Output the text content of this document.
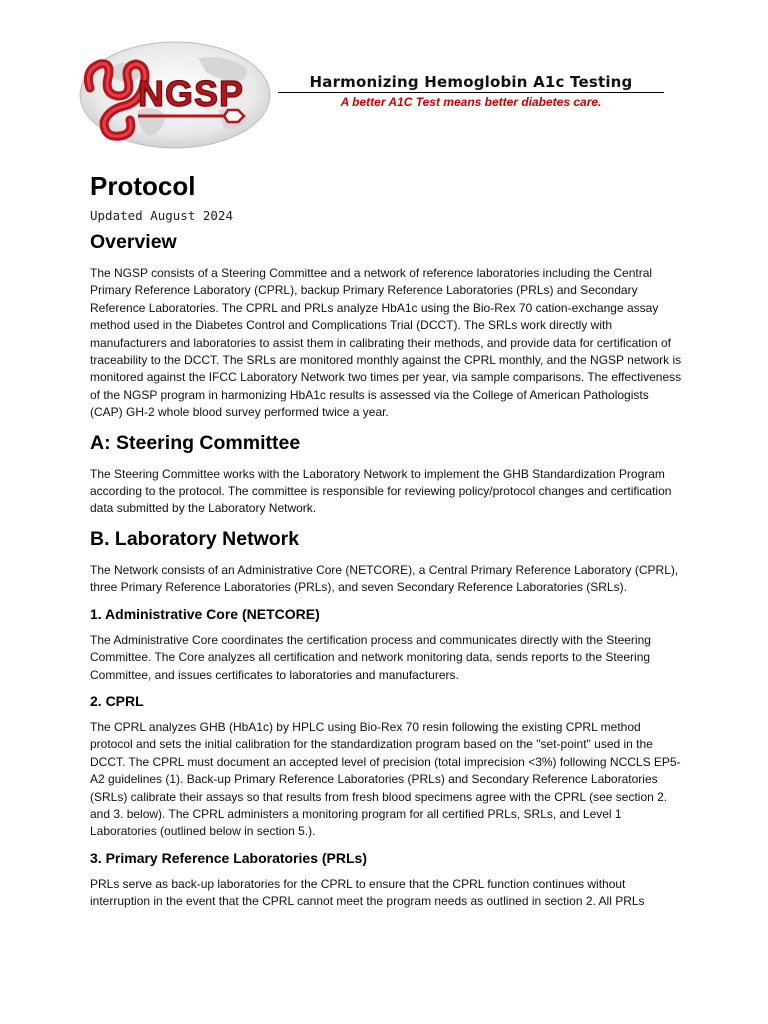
NGSP	Harmonizing Hemoglobin A1c Testing
A better A1C Test means better diabetes care.
Protocol
Updated August 2024
Overview

The NGSP consists of a Steering Committee and a network of reference laboratories including the Central Primary Reference Laboratory (CPRL), backup Primary Reference Laboratories (PRLs) and Secondary Reference Laboratories. The CPRL and PRLs analyze HbA1c using the Bio-Rex 70 cation-exchange assay method used in the Diabetes Control and Complications Trial (DCCT). The SRLs work directly with manufacturers and laboratories to assist them in calibrating their methods, and provide data for certification of traceability to the DCCT. The SRLs are monitored monthly against the CPRL monthly, and the NGSP network is monitored against the IFCC Laboratory Network two times per year, via sample comparisons. The effectiveness of the NGSP program in harmonizing HbA1c results is assessed via the College of American Pathologists (CAP) GH-2 whole blood survey performed twice a year.

A: Steering Committee

The Steering Committee works with the Laboratory Network to implement the GHB Standardization Program according to the protocol. The committee is responsible for reviewing policy/protocol changes and certification data submitted by the Laboratory Network.

B. Laboratory Network

The Network consists of an Administrative Core (NETCORE), a Central Primary Reference Laboratory (CPRL), three Primary Reference Laboratories (PRLs), and seven Secondary Reference Laboratories (SRLs).

1. Administrative Core (NETCORE)

The Administrative Core coordinates the certification process and communicates directly with the Steering Committee. The Core analyzes all certification and network monitoring data, sends reports to the Steering Committee, and issues certificates to laboratories and manufacturers.

2. CPRL

The CPRL analyzes GHB (HbA1c) by HPLC using Bio-Rex 70 resin following the existing CPRL method protocol and sets the initial calibration for the standardization program based on the "set-point" used in the DCCT. The CPRL must document an accepted level of precision (total imprecision <3%) following NCCLS EP5-A2 guidelines (1). Back-up Primary Reference Laboratories (PRLs) and Secondary Reference Laboratories (SRLs) calibrate their assays so that results from fresh blood specimens agree with the CPRL (see section 2. and 3. below). The CPRL administers a monitoring program for all certified PRLs, SRLs, and Level 1 Laboratories (outlined below in section 5.).

3. Primary Reference Laboratories (PRLs)

PRLs serve as back-up laboratories for the CPRL to ensure that the CPRL function continues without interruption in the event that the CPRL cannot meet the program needs as outlined in section 2. All PRLs
